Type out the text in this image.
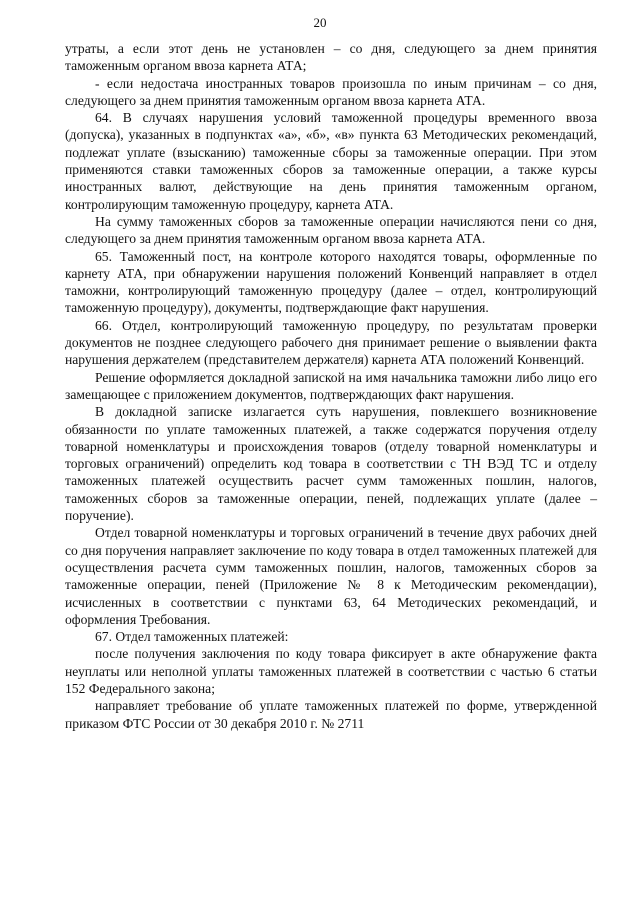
20

утраты, а если этот день не установлен – со дня, следующего за днем принятия таможенным органом ввоза карнета АТА;

- если недостача иностранных товаров произошла по иным причинам – со дня, следующего за днем принятия таможенным органом ввоза карнета АТА.

64. В случаях нарушения условий таможенной процедуры временного ввоза (допуска), указанных в подпунктах «а», «б», «в» пункта 63 Методических рекомендаций, подлежат уплате (взысканию) таможенные сборы за таможенные операции. При этом применяются ставки таможенных сборов за таможенные операции, а также курсы иностранных валют, действующие на день принятия таможенным органом, контролирующим таможенную процедуру, карнета АТА.

На сумму таможенных сборов за таможенные операции начисляются пени со дня, следующего за днем принятия таможенным органом ввоза карнета АТА.

65. Таможенный пост, на контроле которого находятся товары, оформленные по карнету АТА, при обнаружении нарушения положений Конвенций направляет в отдел таможни, контролирующий таможенную процедуру (далее – отдел, контролирующий таможенную процедуру), документы, подтверждающие факт нарушения.

66. Отдел, контролирующий таможенную процедуру, по результатам проверки документов не позднее следующего рабочего дня принимает решение о выявлении факта нарушения держателем (представителем держателя) карнета АТА положений Конвенций.

Решение оформляется докладной запиской на имя начальника таможни либо лицо его замещающее с приложением документов, подтверждающих факт нарушения.

В докладной записке излагается суть нарушения, повлекшего возникновение обязанности по уплате таможенных платежей, а также содержатся поручения отделу товарной номенклатуры и происхождения товаров (отделу товарной номенклатуры и торговых ограничений) определить код товара в соответствии с ТН ВЭД ТС и отделу таможенных платежей осуществить расчет сумм таможенных пошлин, налогов, таможенных сборов за таможенные операции, пеней, подлежащих уплате (далее – поручение).

Отдел товарной номенклатуры и торговых ограничений в течение двух рабочих дней со дня поручения направляет заключение по коду товара в отдел таможенных платежей для осуществления расчета сумм таможенных пошлин, налогов, таможенных сборов за таможенные операции, пеней (Приложение № 8 к Методическим рекомендации), исчисленных в соответствии с пунктами 63, 64 Методических рекомендаций, и оформления Требования.

67. Отдел таможенных платежей:

после получения заключения по коду товара фиксирует в акте обнаружение факта неуплаты или неполной уплаты таможенных платежей в соответствии с частью 6 статьи 152 Федерального закона;

направляет требование об уплате таможенных платежей по форме, утвержденной приказом ФТС России от 30 декабря 2010 г. № 2711
